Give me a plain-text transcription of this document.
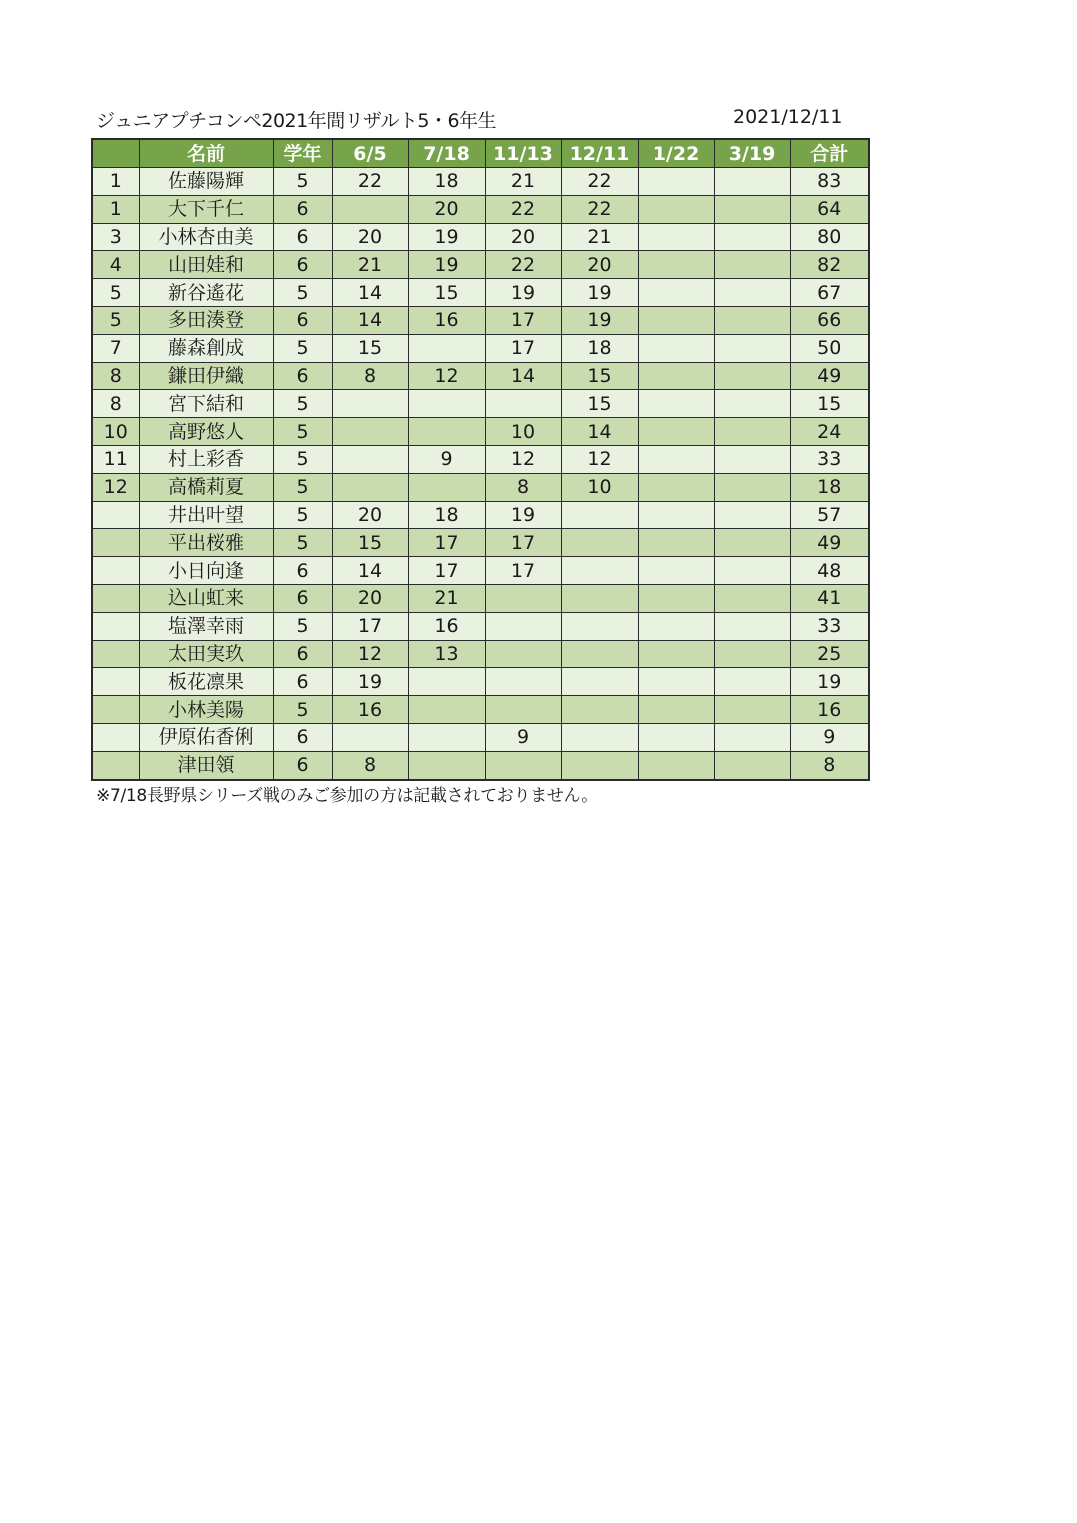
ジュニアプチコンペ2021年間リザルト5・6年生	2021/12/11
	名前	学年	6/5	7/18	11/13	12/11	1/22	3/19	合計
1	佐藤陽輝	5	22	18	21	22			83
1	大下千仁	6		20	22	22			64
3	小林杏由美	6	20	19	20	21			80
4	山田娃和	6	21	19	22	20			82
5	新谷遙花	5	14	15	19	19			67
5	多田湊登	6	14	16	17	19			66
7	藤森創成	5	15		17	18			50
8	鎌田伊織	6	8	12	14	15			49
8	宮下結和	5				15			15
10	高野悠人	5			10	14			24
11	村上彩香	5		9	12	12			33
12	高橋莉夏	5			8	10			18
	井出叶望	5	20	18	19				57
	平出桜雅	5	15	17	17				49
	小日向逢	6	14	17	17				48
	込山虹来	6	20	21					41
	塩澤幸雨	5	17	16					33
	太田実玖	6	12	13					25
	板花凛果	6	19						19
	小林美陽	5	16						16
	伊原佑香俐	6			9				9
	津田領	6	8						8
※7/18長野県シリーズ戦のみご参加の方は記載されておりません。
